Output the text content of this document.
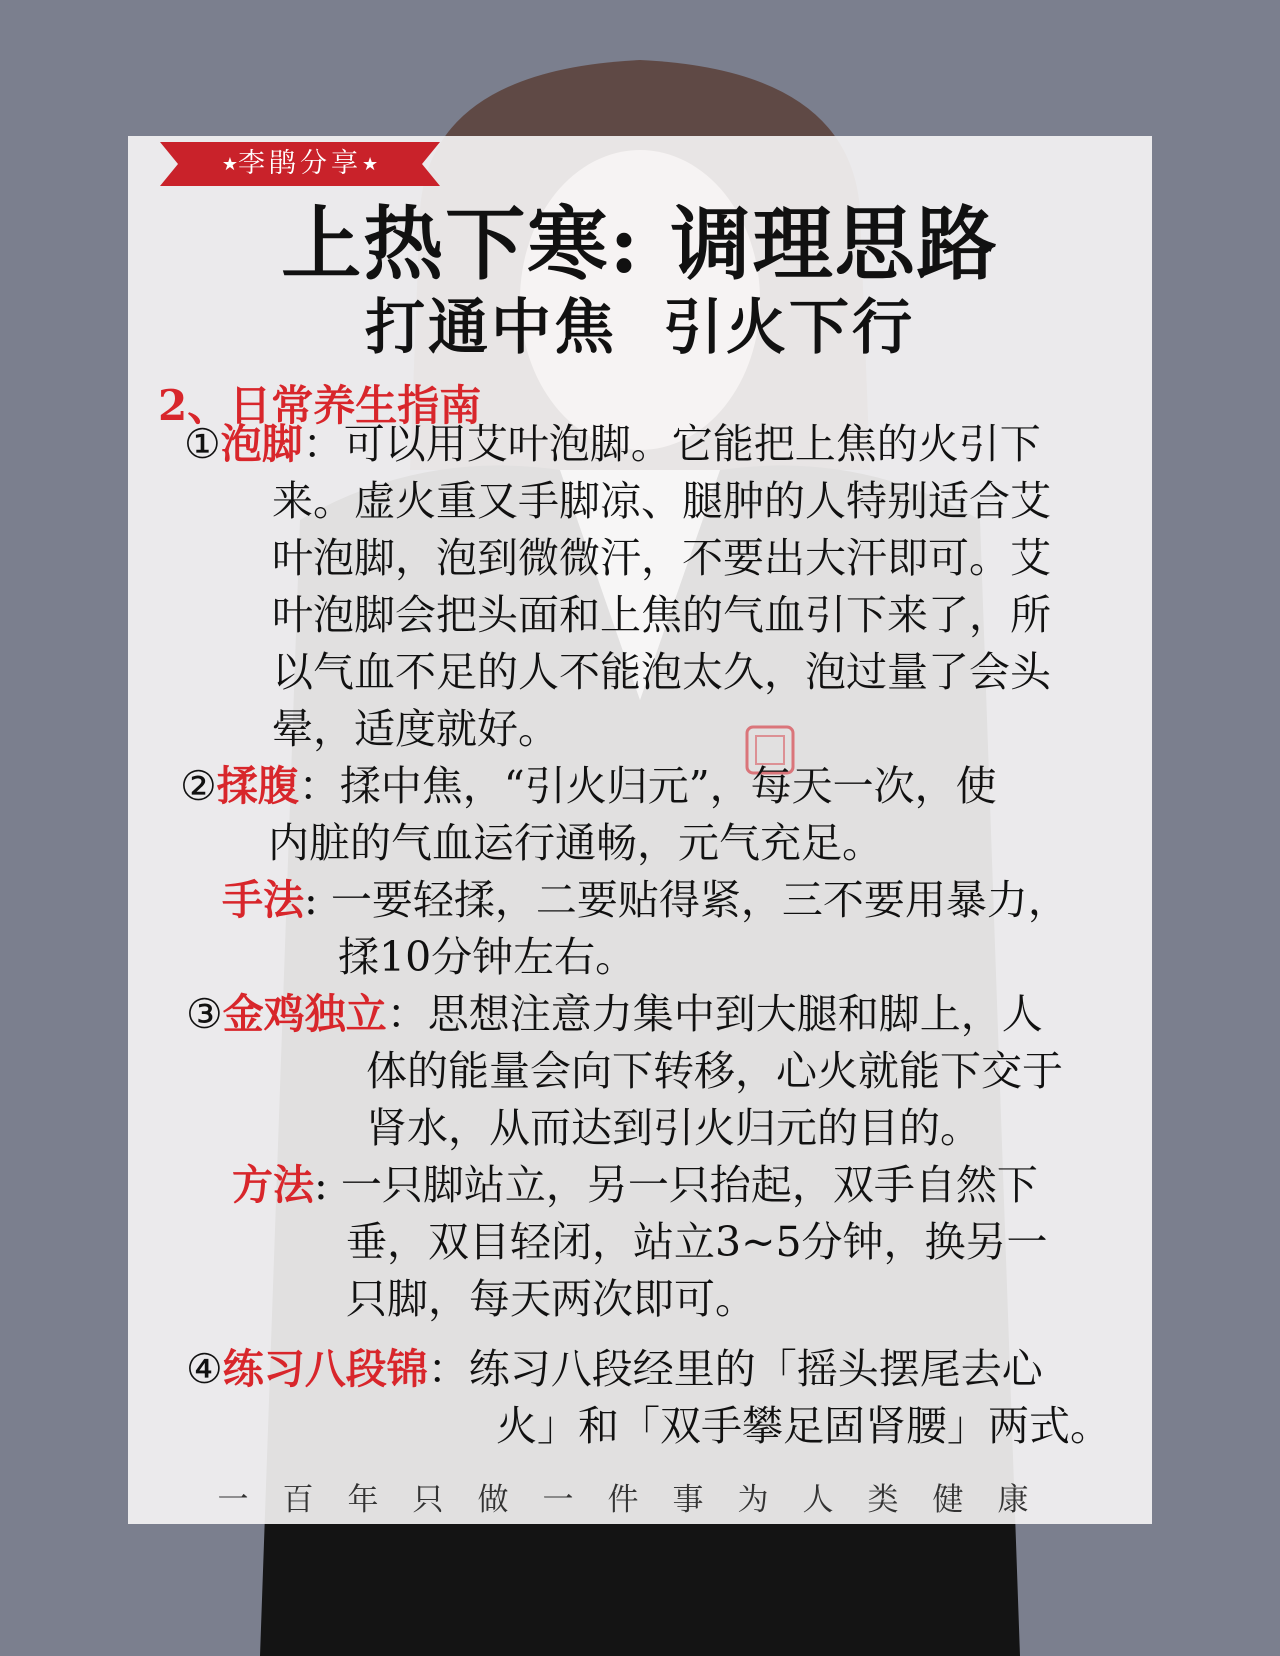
★李鹃分享★
上热下寒: 调理思路
打通中焦 引火下行
2、日常养生指南
①泡脚：可以用艾叶泡脚。它能把上焦的火引下
来。虚火重又手脚凉、腿肿的人特别适合艾
叶泡脚，泡到微微汗，不要出大汗即可。艾
叶泡脚会把头面和上焦的气血引下来了，所
以气血不足的人不能泡太久，泡过量了会头
晕，适度就好。
②揉腹：揉中焦，“引火归元”，每天一次，使
内脏的气血运行通畅，元气充足。
手法: 一要轻揉，二要贴得紧，三不要用暴力，
揉10分钟左右。
③金鸡独立：思想注意力集中到大腿和脚上，人
体的能量会向下转移，心火就能下交于
肾水，从而达到引火归元的目的。
方法: 一只脚站立，另一只抬起，双手自然下
垂，双目轻闭，站立3~5分钟，换另一
只脚，每天两次即可。
④练习八段锦：练习八段经里的「摇头摆尾去心
火」和「双手攀足固肾腰」两式。
一百年只做一件事为人类健康
